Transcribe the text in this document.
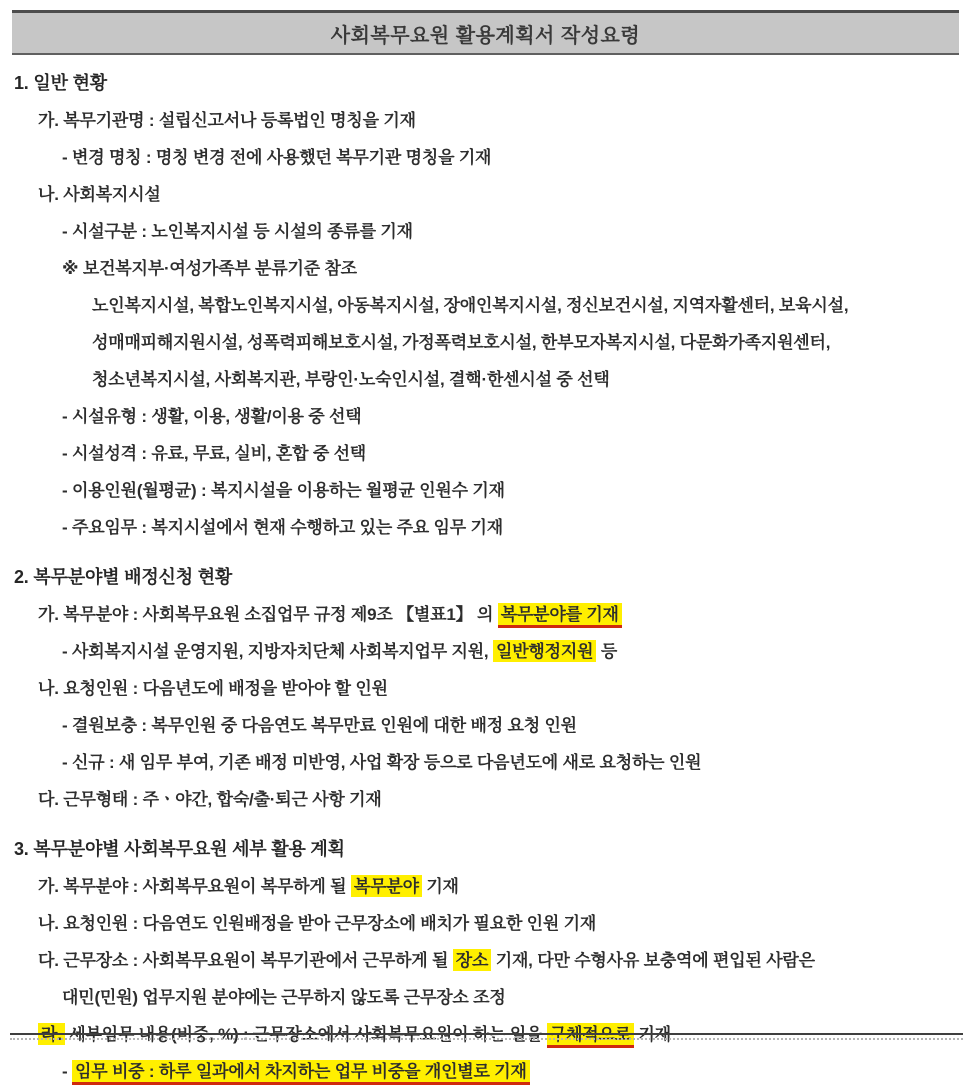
사회복무요원 활용계획서 작성요령
1. 일반 현황
가. 복무기관명 : 설립신고서나 등록법인 명칭을 기재
- 변경 명칭 : 명칭 변경 전에 사용했던 복무기관 명칭을 기재
나. 사회복지시설
- 시설구분 : 노인복지시설 등 시설의 종류를 기재
※ 보건복지부·여성가족부 분류기준 참조
노인복지시설, 복합노인복지시설, 아동복지시설, 장애인복지시설, 정신보건시설, 지역자활센터, 보육시설,
성매매피해지원시설, 성폭력피해보호시설, 가정폭력보호시설, 한부모자복지시설, 다문화가족지원센터,
청소년복지시설, 사회복지관, 부랑인·노숙인시설, 결핵·한센시설 중 선택
- 시설유형 : 생활, 이용, 생활/이용 중 선택
- 시설성격 : 유료, 무료, 실비, 혼합 중 선택
- 이용인원(월평균) : 복지시설을 이용하는 월평균 인원수 기재
- 주요임무 : 복지시설에서 현재 수행하고 있는 주요 임무 기재
2. 복무분야별 배정신청 현황
가. 복무분야 : 사회복무요원 소집업무 규정 제9조 【별표1】 의 복무분야를 기재
- 사회복지시설 운영지원, 지방자치단체 사회복지업무 지원, 일반행정지원 등
나. 요청인원 : 다음년도에 배정을 받아야 할 인원
- 결원보충 : 복무인원 중 다음연도 복무만료 인원에 대한 배정 요청 인원
- 신규 : 새 임무 부여, 기존 배정 미반영, 사업 확장 등으로 다음년도에 새로 요청하는 인원
다. 근무형태 : 주ㆍ야간, 합숙/출·퇴근 사항 기재
3. 복무분야별 사회복무요원 세부 활용 계획
가. 복무분야 : 사회복무요원이 복무하게 될 복무분야 기재
나. 요청인원 : 다음연도 인원배정을 받아 근무장소에 배치가 필요한 인원 기재
다. 근무장소 : 사회복무요원이 복무기관에서 근무하게 될 장소 기재, 다만 수형사유 보충역에 편입된 사람은
대민(민원) 업무지원 분야에는 근무하지 않도록 근무장소 조정
라. 세부임무 내용(비중, %) : 근무장소에서 사회복무요원이 하는 일을 구체적으로 기재
- 임무 비중 : 하루 일과에서 차지하는 업무 비중을 개인별로 기재
